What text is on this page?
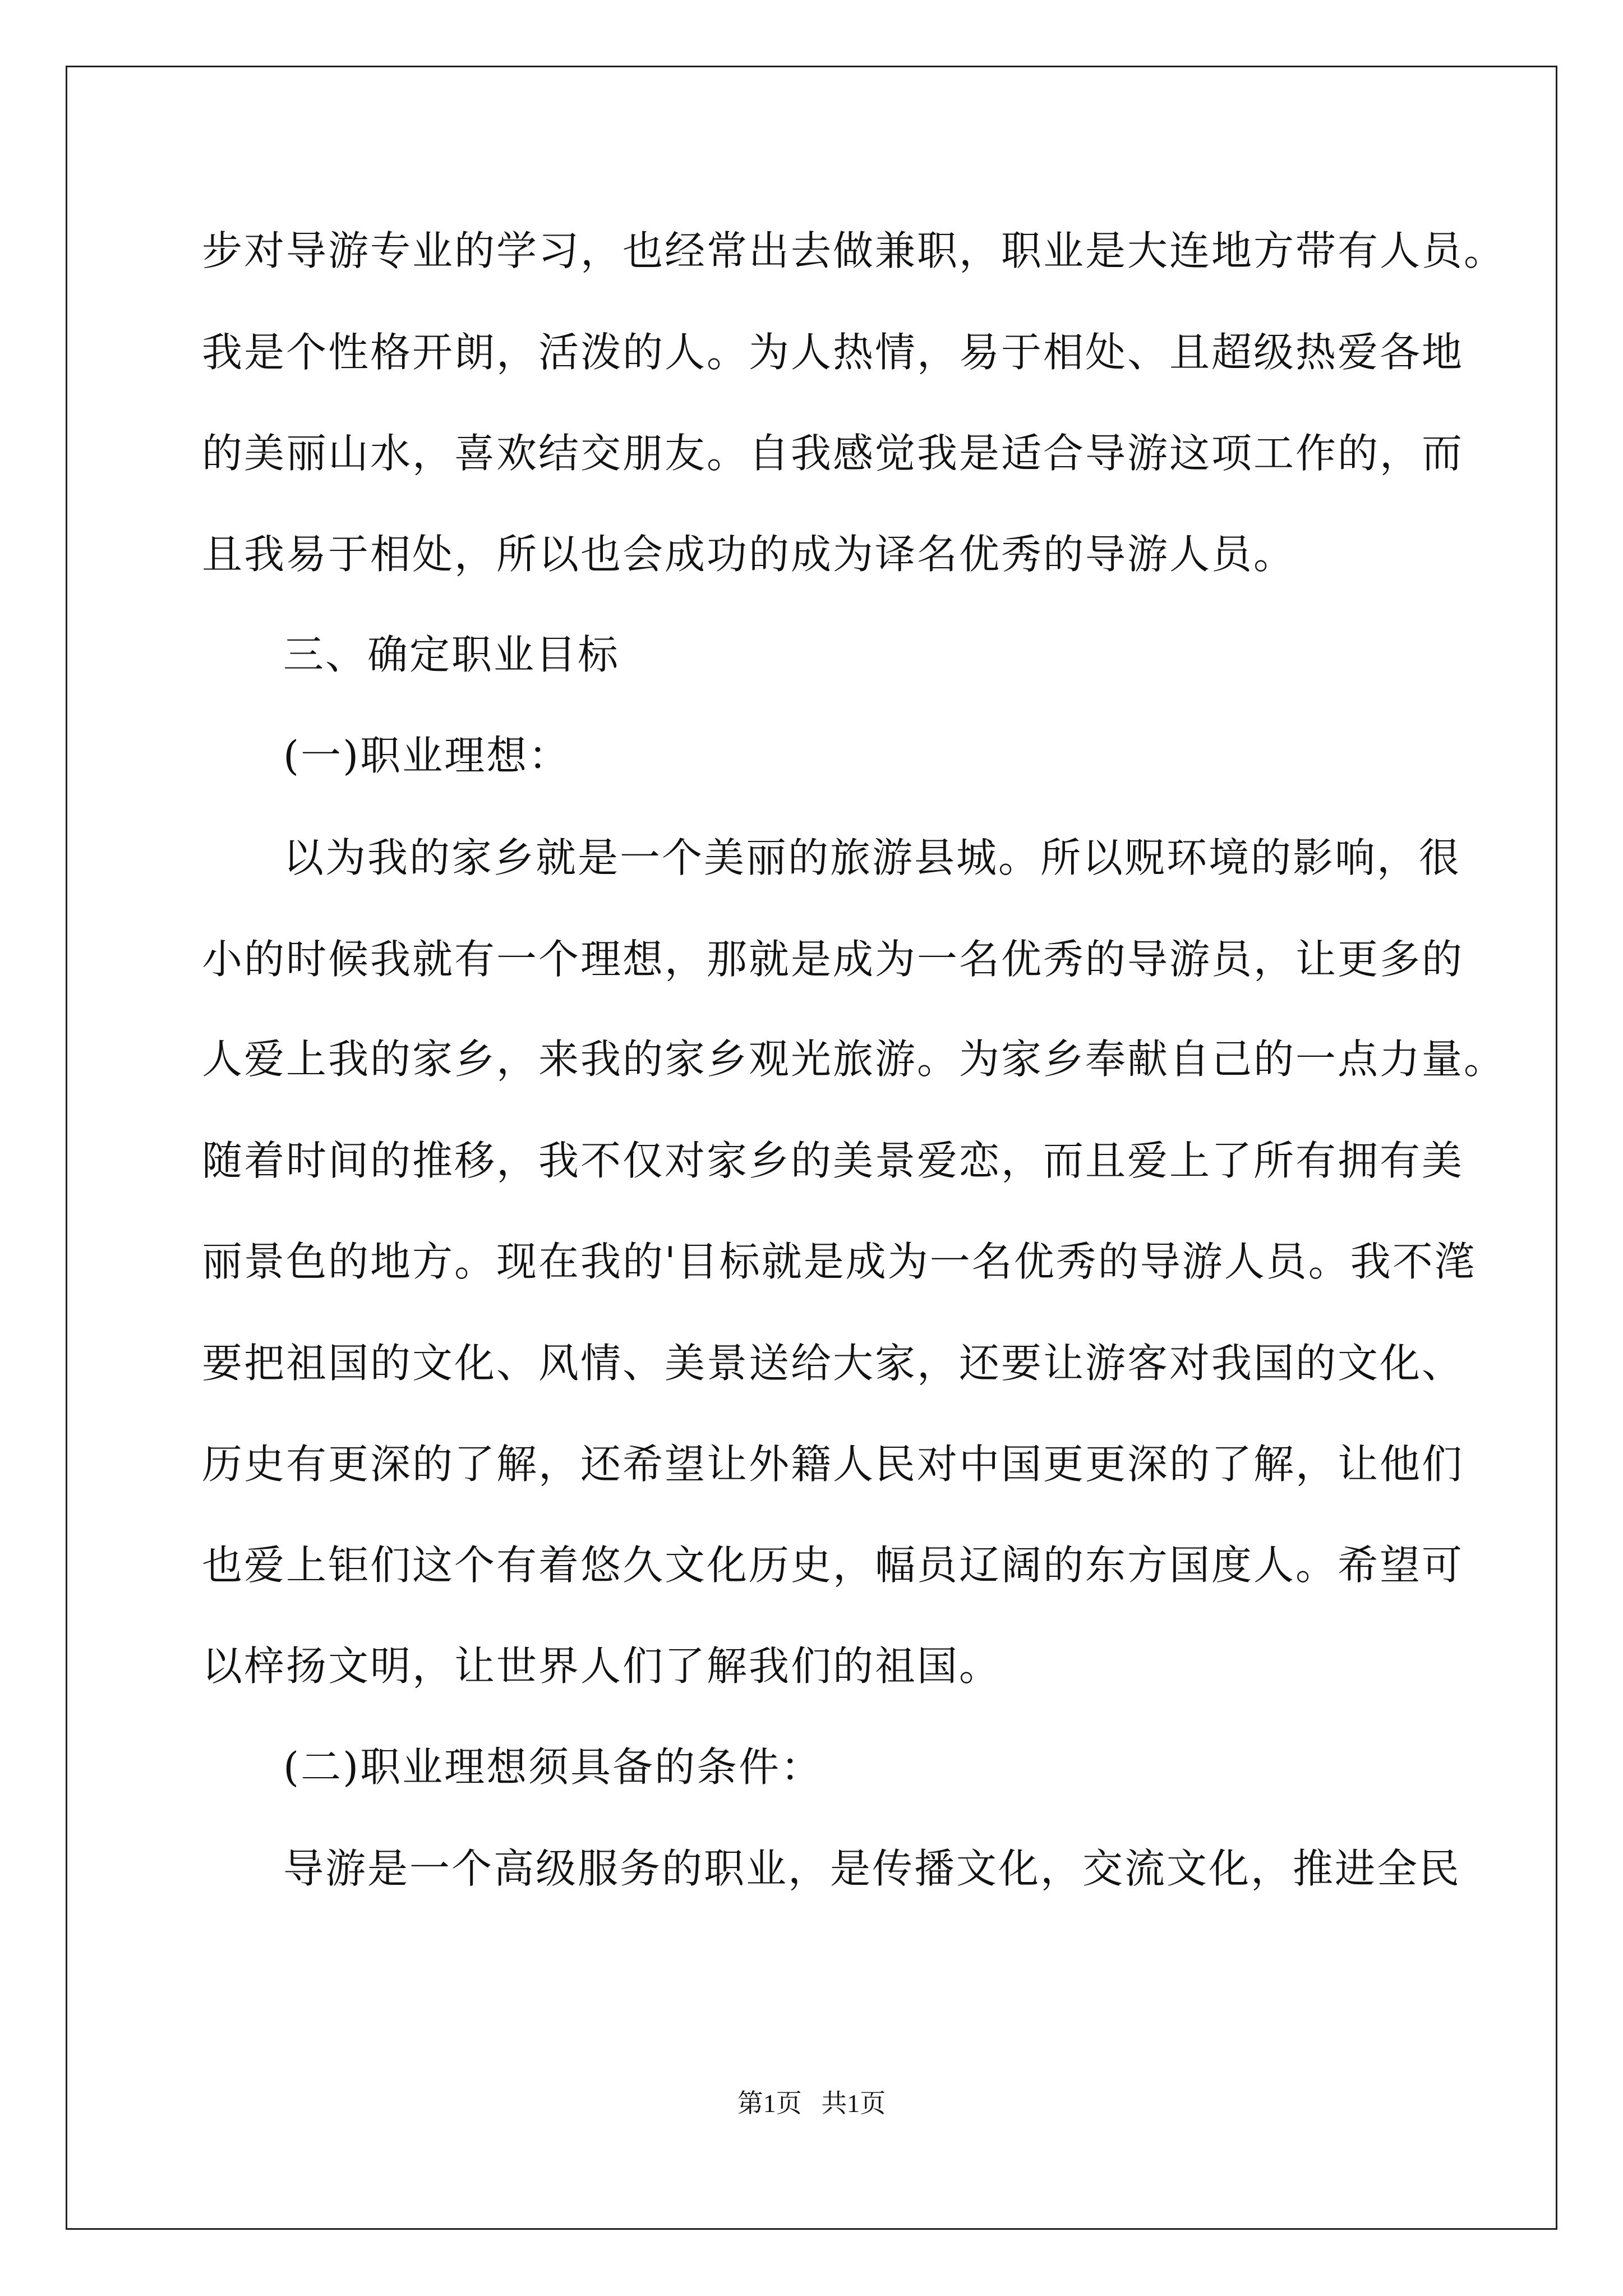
步对导游专业的学习，也经常出去做兼职，职业是大连地方带有人员。
我是个性格开朗，活泼的人。为人热情，易于相处、且超级热爱各地
的美丽山水，喜欢结交朋友。自我感觉我是适合导游这项工作的，而
且我易于相处，所以也会成功的成为译名优秀的导游人员。
三、确定职业目标
(一)职业理想：
以为我的家乡就是一个美丽的旅游县城。所以贶环境的影响，很
小的时候我就有一个理想，那就是成为一名优秀的导游员，让更多的
人爱上我的家乡，来我的家乡观光旅游。为家乡奉献自己的一点力量。
随着时间的推移，我不仅对家乡的美景爱恋，而且爱上了所有拥有美
丽景色的地方。现在我的'目标就是成为一名优秀的导游人员。我不滗
要把祖国的文化、风情、美景送给大家，还要让游客对我国的文化、
历史有更深的了解，还希望让外籍人民对中国更更深的了解，让他们
也爱上钜们这个有着悠久文化历史，幅员辽阔的东方国度人。希望可
以梓扬文明，让世界人们了解我们的祖国。
(二)职业理想须具备的条件：
导游是一个高级服务的职业，是传播文化，交流文化，推进全民
第1页   共1页
